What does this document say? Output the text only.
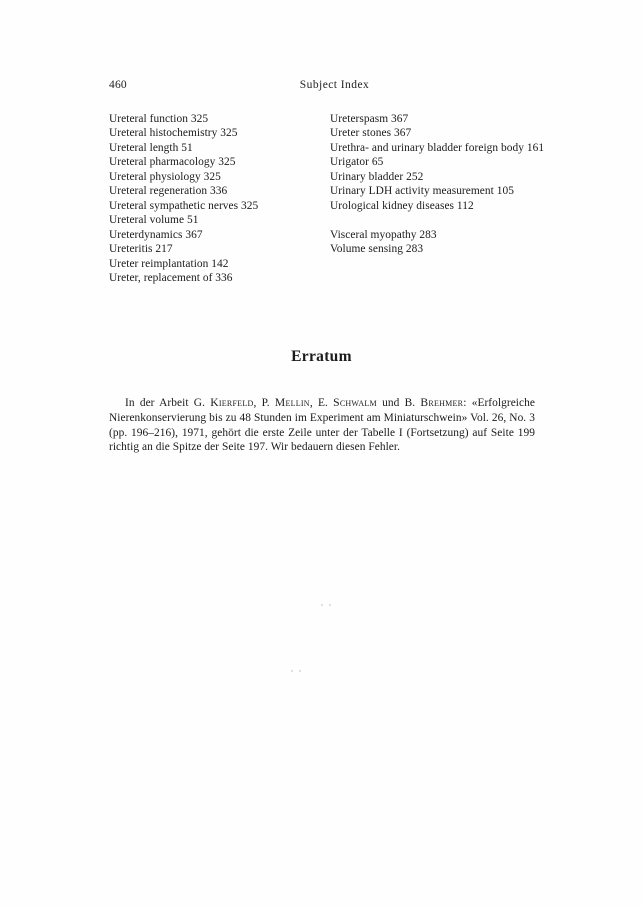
460	Subject Index
Ureteral function 325
Ureteral histochemistry 325
Ureteral length 51
Ureteral pharmacology 325
Ureteral physiology 325
Ureteral regeneration 336
Ureteral sympathetic nerves 325
Ureteral volume 51
Ureterdynamics 367
Ureteritis 217
Ureter reimplantation 142
Ureter, replacement of 336
Ureterspasm 367
Ureter stones 367
Urethra- and urinary bladder foreign body 161
Urigator 65
Urinary bladder 252
Urinary LDH activity measurement 105
Urological kidney diseases 112
Visceral myopathy 283
Volume sensing 283
Erratum

In der Arbeit G. Kierfeld, P. Mellin, E. Schwalm und B. Brehmer: «Erfolgreiche Nierenkonservierung bis zu 48 Stunden im Experiment am Miniaturschwein» Vol. 26, No. 3 (pp. 196–216), 1971, gehört die erste Zeile unter der Tabelle I (Fortsetzung) auf Seite 199 richtig an die Spitze der Seite 197. Wir bedauern diesen Fehler.
